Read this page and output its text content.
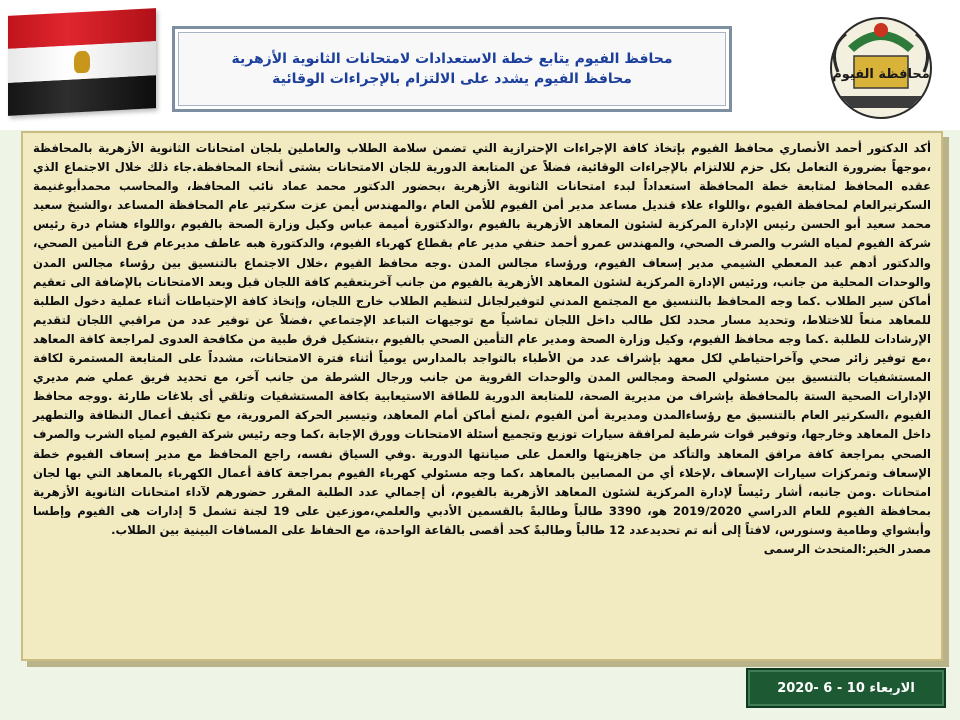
محافظة الفيوم
محافظ الفيوم يتابع خطة الاستعدادات لامتحانات الثانوية الأزهرية
محافظ الفيوم يشدد على الالتزام بالإجراءات الوقائية

أكد الدكتور أحمد الأنصاري محافظ الفيوم بإتخاذ كافة الإجراءات الإحترازية التي تضمن سلامة الطلاب والعاملين بلجان امتحانات الثانوية الأزهرية بالمحافظة ،موجهاً بضرورة التعامل بكل حزم للالتزام بالإجراءات الوقائية، فضلاً عن المتابعة الدورية للجان الامتحانات بشتى أنحاء المحافظة.جاء ذلك خلال الاجتماع الذي عقده المحافظ لمتابعة خطة المحافظة استعداداً لبدء امتحانات الثانوية الأزهرية ،بحضور الدكتور محمد عماد نائب المحافظ، والمحاسب محمدأبوغنيمة السكرتيرالعام لمحافظة الفيوم ،واللواء علاء قنديل مساعد مدير أمن الفيوم للأمن العام ،والمهندس أيمن عزت سكرتير عام المحافظة المساعد ،والشيخ سعيد محمد سعيد أبو الحسن رئيس الإدارة المركزية لشئون المعاهد الأزهرية بالفيوم ،والدكتورة أميمة عباس وكيل وزارة الصحة بالفيوم ،واللواء هشام درة رئيس شركة الفيوم لمياه الشرب والصرف الصحي، والمهندس عمرو أحمد حنفي مدير عام بقطاع كهرباء الفيوم، والدكتورة هبه عاطف مديرعام فرع التأمين الصحي، والدكتور أدهم عبد المعطي الشيمي مدير إسعاف الفيوم، ورؤساء مجالس المدن .وجه محافظ الفيوم ،خلال الاجتماع بالتنسيق بين رؤساء مجالس المدن والوحدات المحلية من جانب، ورئيس الإدارة المركزية لشئون المعاهد الأزهرية بالفيوم من جانب آخربتعقيم كافة اللجان قبل وبعد الامتحانات بالإضافة الى تعقيم أماكن سير الطلاب .كما وجه المحافظ بالتنسيق مع المجتمع المدني لتوفيرلجانل لتنظيم الطلاب خارج اللجان، وإتخاذ كافة الإحتياطات أثناء عملية دخول الطلبة للمعاهد منعاً للاختلاط، وتحديد مسار محدد لكل طالب داخل اللجان تماشياً مع توجيهات التباعد الإجتماعي ،فضلاً عن توفير عدد من مراقبي اللجان لتقديم الإرشادات للطلبة .كما وجه محافظ الفيوم، وكيل وزارة الصحة ومدير عام التأمين الصحي بالفيوم ،بتشكيل فرق طبية من مكافحة العدوى لمراجعة كافة المعاهد ،مع توفير زائر صحي وآخراحتياطي لكل معهد بإشراف عدد من الأطباء بالتواجد بالمدارس يومياً أثناء فترة الامتحانات، مشدداً على المتابعة المستمرة لكافة المستشفيات بالتنسيق بين مسئولي الصحة ومجالس المدن والوحدات القروية من جانب ورجال الشرطة من جانب آخر، مع تحديد فريق عملي ضم مديري الإدارات الصحية الستة بالمحافظة بإشراف من مديرية الصحة، للمتابعة الدورية للطاقة الاستيعابية بكافة المستشفيات وتلقي أى بلاغات طارئة .ووجه محافظ الفيوم ،السكرتير العام بالتنسيق مع رؤساءالمدن ومديرية أمن الفيوم ،لمنع أماكن أمام المعاهد، وتيسير الحركة المرورية، مع تكثيف أعمال النظافة والتطهير داخل المعاهد وخارجها، وتوفير قوات شرطية لمرافقة سيارات توزيع وتجميع أسئلة الامتحانات وورق الإجابة ،كما وجه رئيس شركة الفيوم لمياه الشرب والصرف الصحي بمراجعة كافة مرافق المعاهد والتأكد من جاهزيتها والعمل على صيانتها الدورية .وفي السياق نفسه، راجع المحافظ مع مدير إسعاف الفيوم خطة الإسعاف وتمركزات سيارات الإسعاف ،لإخلاء أي من المصابين بالمعاهد ،كما وجه مسئولي كهرباء الفيوم بمراجعة كافة أعمال الكهرباء بالمعاهد التي بها لجان امتحانات .ومن جانبه، أشار رئيساً لإدارة المركزية لشئون المعاهد الأزهرية بالفيوم، أن إجمالي عدد الطلبة المقرر حضورهم لآداء امتحانات الثانوية الأزهرية بمحافظة الفيوم للعام الدراسي 2019/2020 هو، 3390 طالباً وطالبةً بالقسمين الأدبي والعلمي،موزعين على 19 لجنة تشمل 5 إدارات هى الفيوم وإطسا وأبشواي وطامية وسنورس، لافتاً إلى أنه تم تحديدعدد 12 طالباً وطالبةً كحد أقصى بالقاعة الواحدة، مع الحفاظ على المسافات البينية بين الطلاب.

مصدر الخبر:المتحدث الرسمى

الاربعاء 10 - 6 -2020
